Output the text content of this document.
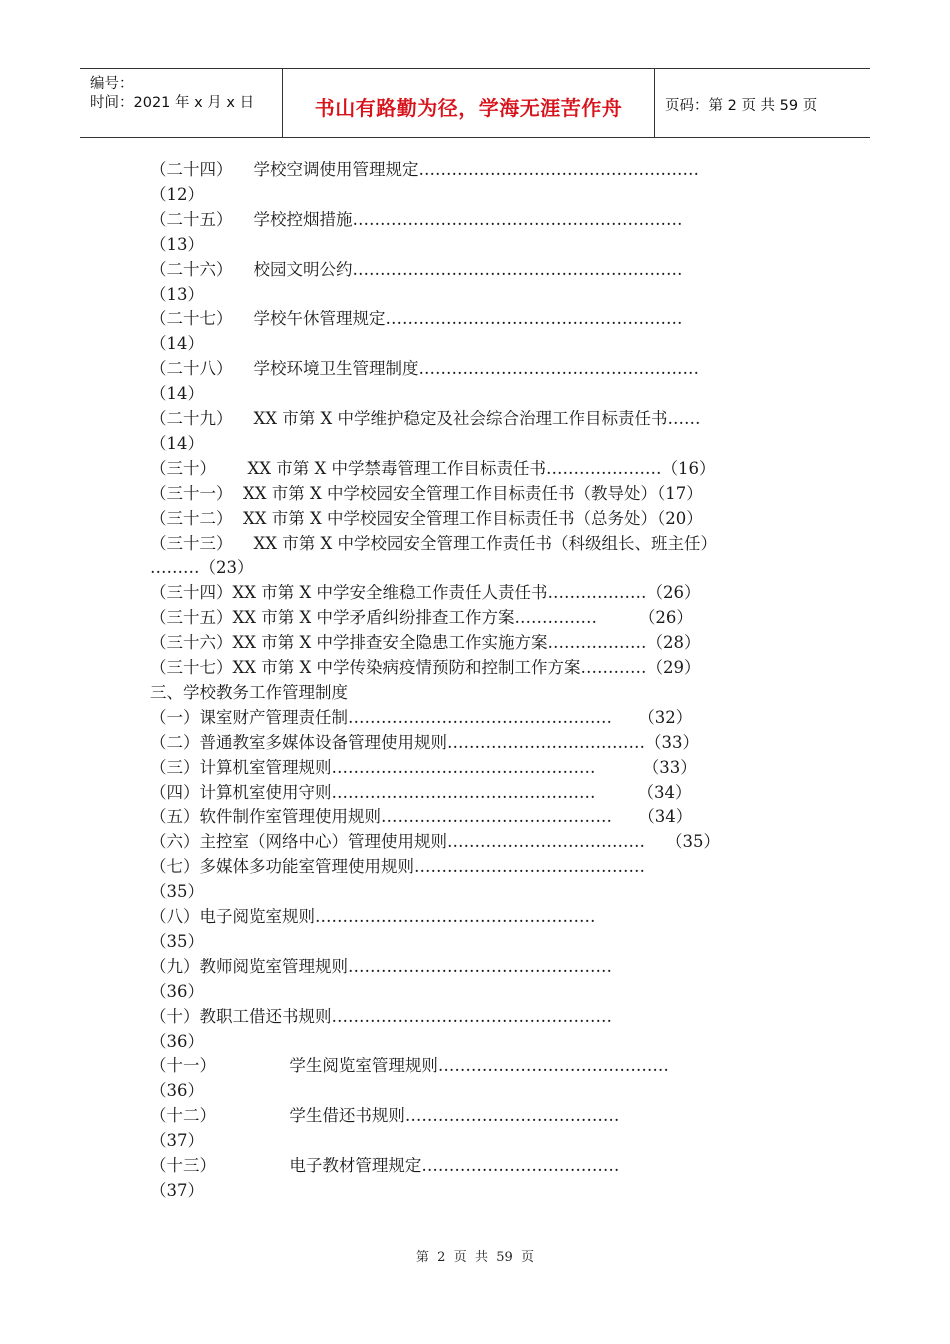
编号：
时间：2021 年 x 月 x 日	书山有路勤为径，学海无涯苦作舟	页码：第 2 页 共 59 页
（二十四）    学校空调使用管理规定……………………………………………
（12）
（二十五）    学校控烟措施……………………………………………………
（13）
（二十六）    校园文明公约……………………………………………………
（13）
（二十七）    学校午休管理规定………………………………………………
（14）
（二十八）    学校环境卫生管理制度……………………………………………
（14）
（二十九）    XX 市第 X 中学维护稳定及社会综合治理工作目标责任书……
（14）
（三十）      XX 市第 X 中学禁毒管理工作目标责任书…………………（16）
（三十一）  XX 市第 X 中学校园安全管理工作目标责任书（教导处）（17）
（三十二）  XX 市第 X 中学校园安全管理工作目标责任书（总务处）（20）
（三十三）    XX 市第 X 中学校园安全管理工作责任书（科级组长、班主任）
………（23）
（三十四）XX 市第 X 中学安全维稳工作责任人责任书………………（26）
（三十五）XX 市第 X 中学矛盾纠纷排查工作方案……………        （26）
（三十六）XX 市第 X 中学排查安全隐患工作实施方案………………（28）
（三十七）XX 市第 X 中学传染病疫情预防和控制工作方案…………（29）
三、学校教务工作管理制度
（一）课室财产管理责任制…………………………………………     （32）
（二）普通教室多媒体设备管理使用规则………………………………（33）
（三）计算机室管理规则…………………………………………         （33）
（四）计算机室使用守则…………………………………………        （34）
（五）软件制作室管理使用规则……………………………………     （34）
（六）主控室（网络中心）管理使用规则………………………………    （35）
（七）多媒体多功能室管理使用规则……………………………………
（35）
（八）电子阅览室规则……………………………………………
（35）
（九）教师阅览室管理规则…………………………………………
（36）
（十）教职工借还书规则……………………………………………
（36）
（十一）              学生阅览室管理规则……………………………………
（36）
（十二）              学生借还书规则…………………………………
（37）
（十三）              电子教材管理规定………………………………
（37）
第  2  页  共  59  页
